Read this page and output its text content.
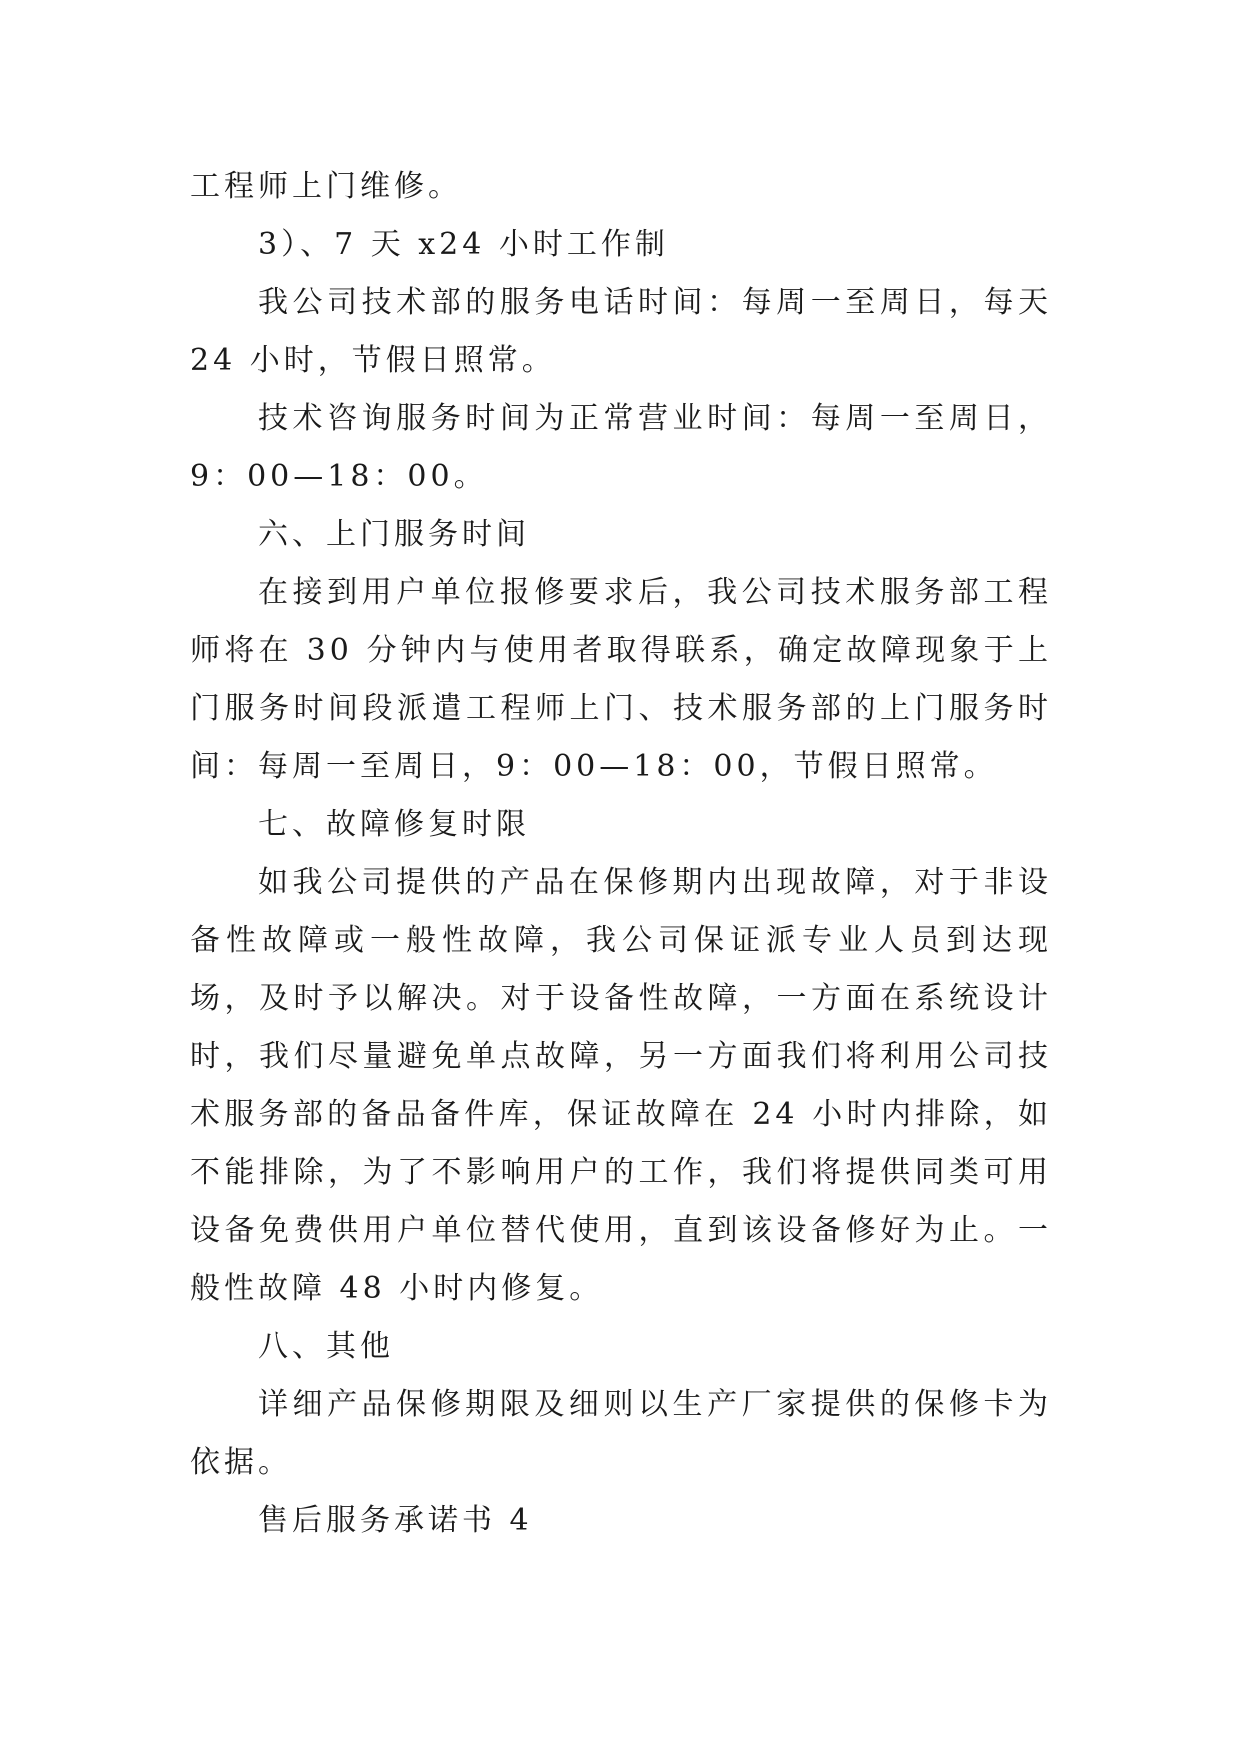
工程师上门维修。

3）、7 天 x24 小时工作制

我公司技术部的服务电话时间：每周一至周日，每天 24 小时，节假日照常。

技术咨询服务时间为正常营业时间：每周一至周日，9：00—18：00。

六、上门服务时间

在接到用户单位报修要求后，我公司技术服务部工程师将在 30 分钟内与使用者取得联系，确定故障现象于上门服务时间段派遣工程师上门、技术服务部的上门服务时间：每周一至周日，9：00—18：00，节假日照常。

七、故障修复时限

如我公司提供的产品在保修期内出现故障，对于非设备性故障或一般性故障，我公司保证派专业人员到达现场，及时予以解决。对于设备性故障，一方面在系统设计时，我们尽量避免单点故障，另一方面我们将利用公司技术服务部的备品备件库，保证故障在 24 小时内排除，如不能排除，为了不影响用户的工作，我们将提供同类可用设备免费供用户单位替代使用，直到该设备修好为止。一般性故障 48 小时内修复。

八、其他

详细产品保修期限及细则以生产厂家提供的保修卡为依据。

售后服务承诺书 4
